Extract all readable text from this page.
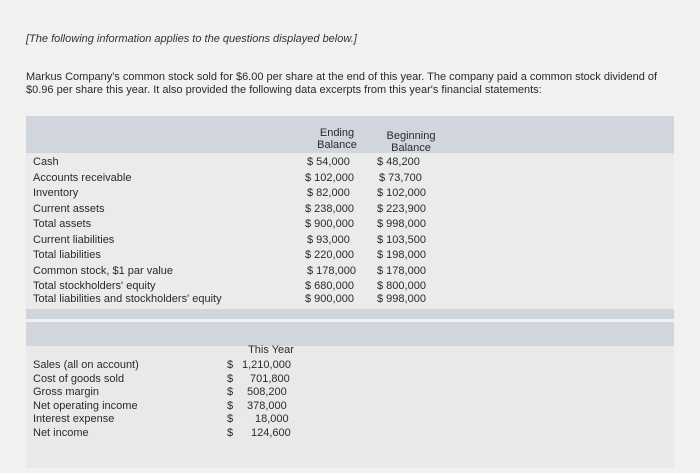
[The following information applies to the questions displayed below.]
Markus Company's common stock sold for $6.00 per share at the end of this year. The company paid a common stock dividend of $0.96 per share this year. It also provided the following data excerpts from this year's financial statements:
Ending
Balance
Beginning
Balance
Cash	$ 54,000 $ 48,200
Accounts receivable	$ 102,000 $ 73,700
Inventory	$ 82,000 $ 102,000
Current assets	$ 238,000 $ 223,900
Total assets	$ 900,000 $ 998,000
Current liabilities	$ 93,000 $ 103,500
Total liabilities	$ 220,000 $ 198,000
Common stock, $1 par value	$ 178,000 $ 178,000
Total stockholders' equity	$ 680,000 $ 800,000
Total liabilities and stockholders' equity	$ 900,000 $ 998,000
This Year
Sales (all on account)	$ 1,210,000
Cost of goods sold	$ 701,800
Gross margin	$ 508,200
Net operating income	$ 378,000
Interest expense	$ 18,000
Net income	$ 124,600
